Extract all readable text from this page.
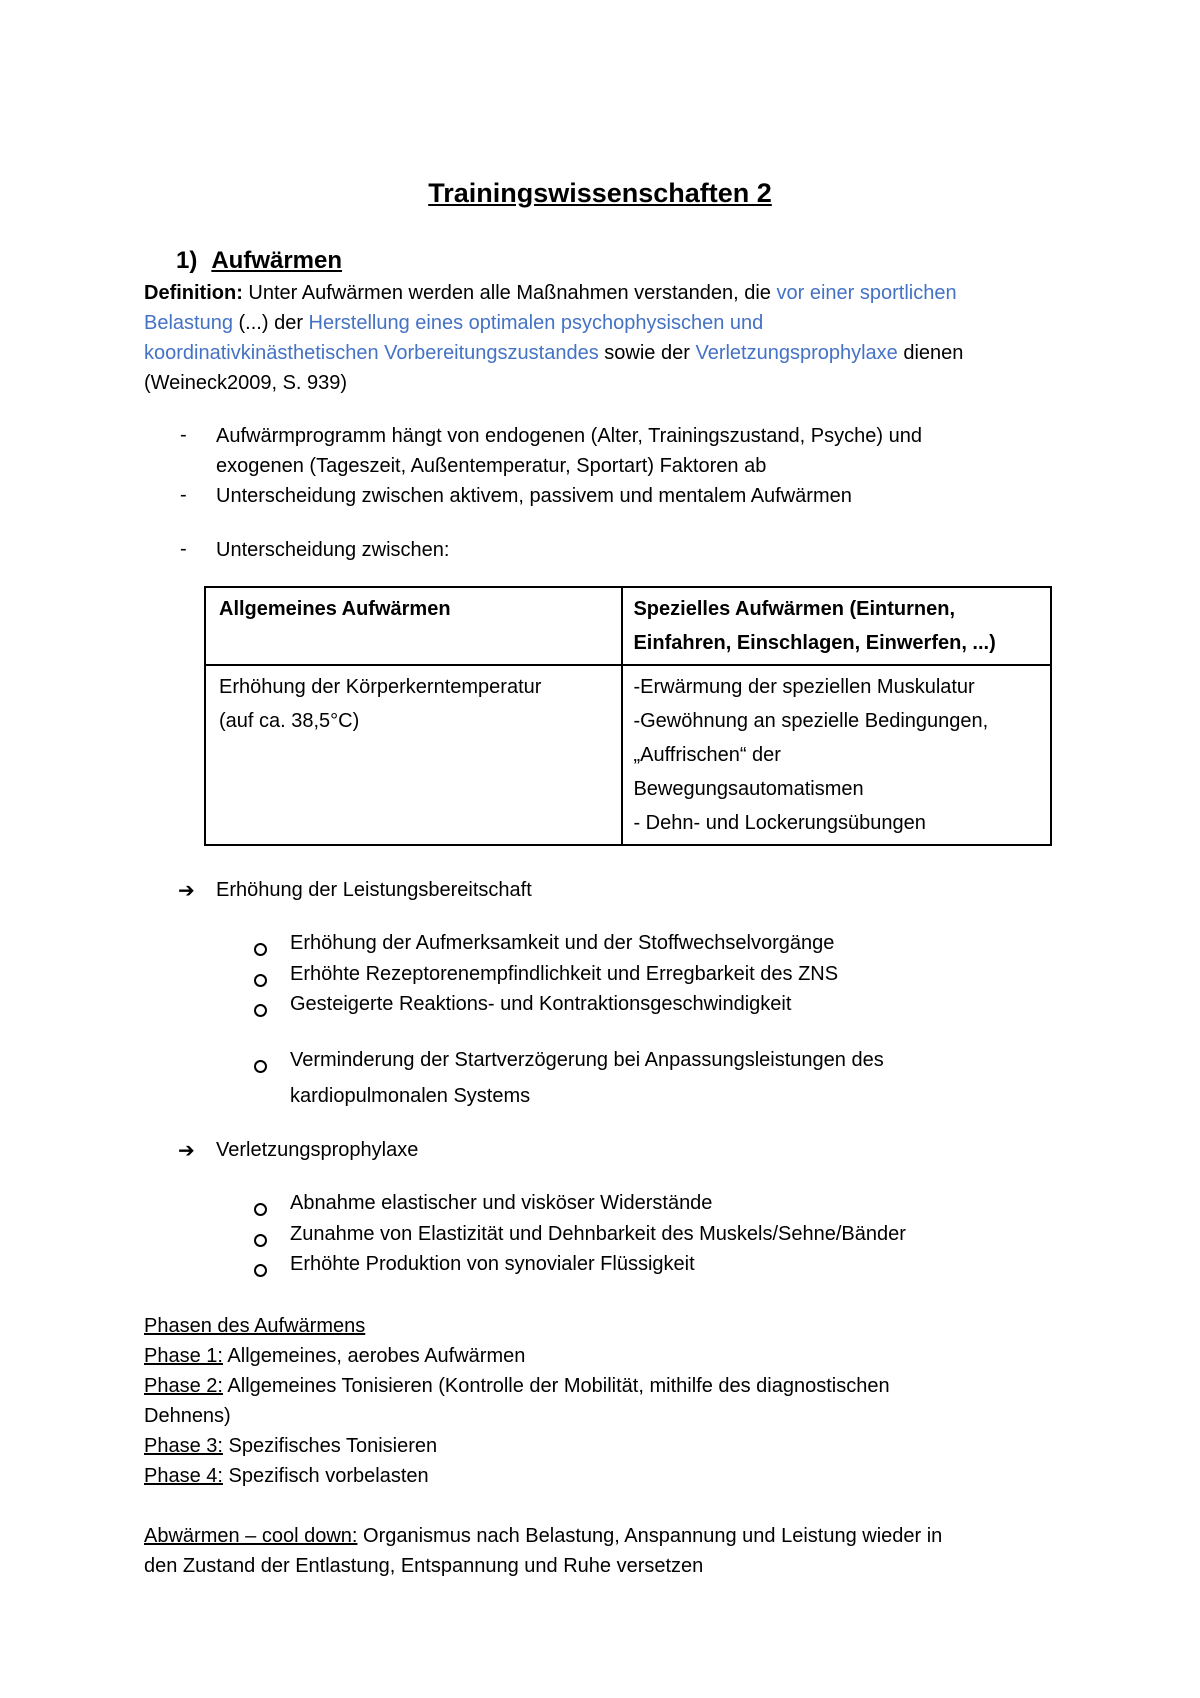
Trainingswissenschaften 2
1) Aufwärmen
Definition: Unter Aufwärmen werden alle Maßnahmen verstanden, die vor einer sportlichen
Belastung (...) der Herstellung eines optimalen psychophysischen und
koordinativkinästhetischen Vorbereitungszustandes sowie der Verletzungsprophylaxe dienen
(Weineck2009, S. 939)
- Aufwärmprogramm hängt von endogenen (Alter, Trainingszustand, Psyche) und
exogenen (Tageszeit, Außentemperatur, Sportart) Faktoren ab
- Unterscheidung zwischen aktivem, passivem und mentalem Aufwärmen
- Unterscheidung zwischen:
Allgemeines Aufwärmen	Spezielles Aufwärmen (Einturnen,
Einfahren, Einschlagen, Einwerfen, ...)
Erhöhung der Körperkerntemperatur
(auf ca. 38,5°C)	-Erwärmung der speziellen Muskulatur
-Gewöhnung an spezielle Bedingungen,
„Auffrischen“ der
Bewegungsautomatismen
- Dehn- und Lockerungsübungen
➔ Erhöhung der Leistungsbereitschaft
Erhöhung der Aufmerksamkeit und der Stoffwechselvorgänge
Erhöhte Rezeptorenempfindlichkeit und Erregbarkeit des ZNS
Gesteigerte Reaktions- und Kontraktionsgeschwindigkeit
Verminderung der Startverzögerung bei Anpassungsleistungen des
kardiopulmonalen Systems
➔ Verletzungsprophylaxe
Abnahme elastischer und visköser Widerstände
Zunahme von Elastizität und Dehnbarkeit des Muskels/Sehne/Bänder
Erhöhte Produktion von synovialer Flüssigkeit
Phasen des Aufwärmens
Phase 1: Allgemeines, aerobes Aufwärmen
Phase 2: Allgemeines Tonisieren (Kontrolle der Mobilität, mithilfe des diagnostischen
Dehnens)
Phase 3: Spezifisches Tonisieren
Phase 4: Spezifisch vorbelasten
Abwärmen – cool down: Organismus nach Belastung, Anspannung und Leistung wieder in
den Zustand der Entlastung, Entspannung und Ruhe versetzen
